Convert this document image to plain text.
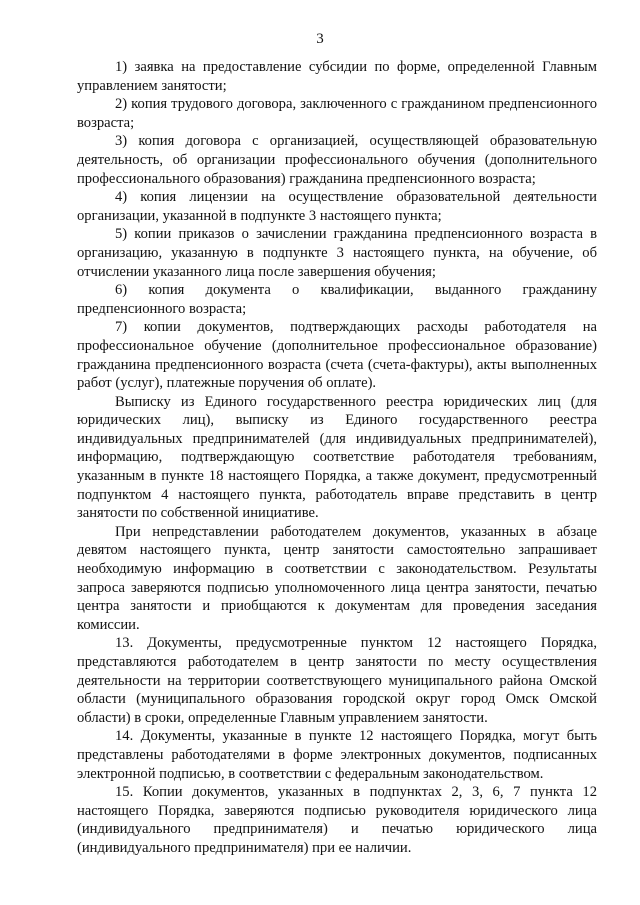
3

1) заявка на предоставление субсидии по форме, определенной Главным управлением занятости;

2) копия трудового договора, заключенного с гражданином предпенсионного возраста;

3) копия договора с организацией, осуществляющей образовательную деятельность, об организации профессионального обучения (дополнительного профессионального образования) гражданина предпенсионного возраста;

4) копия лицензии на осуществление образовательной деятельности организации, указанной в подпункте 3 настоящего пункта;

5) копии приказов о зачислении гражданина предпенсионного возраста в организацию, указанную в подпункте 3 настоящего пункта, на обучение, об отчислении указанного лица после завершения обучения;

6) копия документа о квалификации, выданного гражданину предпенсионного возраста;

7) копии документов, подтверждающих расходы работодателя на профессиональное обучение (дополнительное профессиональное образование) гражданина предпенсионного возраста (счета (счета-фактуры), акты выполненных работ (услуг), платежные поручения об оплате).

Выписку из Единого государственного реестра юридических лиц (для юридических лиц), выписку из Единого государственного реестра индивидуальных предпринимателей (для индивидуальных предпринимателей), информацию, подтверждающую соответствие работодателя требованиям, указанным в пункте 18 настоящего Порядка, а также документ, предусмотренный подпунктом 4 настоящего пункта, работодатель вправе представить в центр занятости по собственной инициативе.

При непредставлении работодателем документов, указанных в абзаце девятом настоящего пункта, центр занятости самостоятельно запрашивает необходимую информацию в соответствии с законодательством. Результаты запроса заверяются подписью уполномоченного лица центра занятости, печатью центра занятости и приобщаются к документам для проведения заседания комиссии.

13. Документы, предусмотренные пунктом 12 настоящего Порядка, представляются работодателем в центр занятости по месту осуществления деятельности на территории соответствующего муниципального района Омской области (муниципального образования городской округ город Омск Омской области) в сроки, определенные Главным управлением занятости.

14. Документы, указанные в пункте 12 настоящего Порядка, могут быть представлены работодателями в форме электронных документов, подписанных электронной подписью, в соответствии с федеральным законодательством.

15. Копии документов, указанных в подпунктах 2, 3, 6, 7 пункта 12 настоящего Порядка, заверяются подписью руководителя юридического лица (индивидуального предпринимателя) и печатью юридического лица (индивидуального предпринимателя) при ее наличии.
